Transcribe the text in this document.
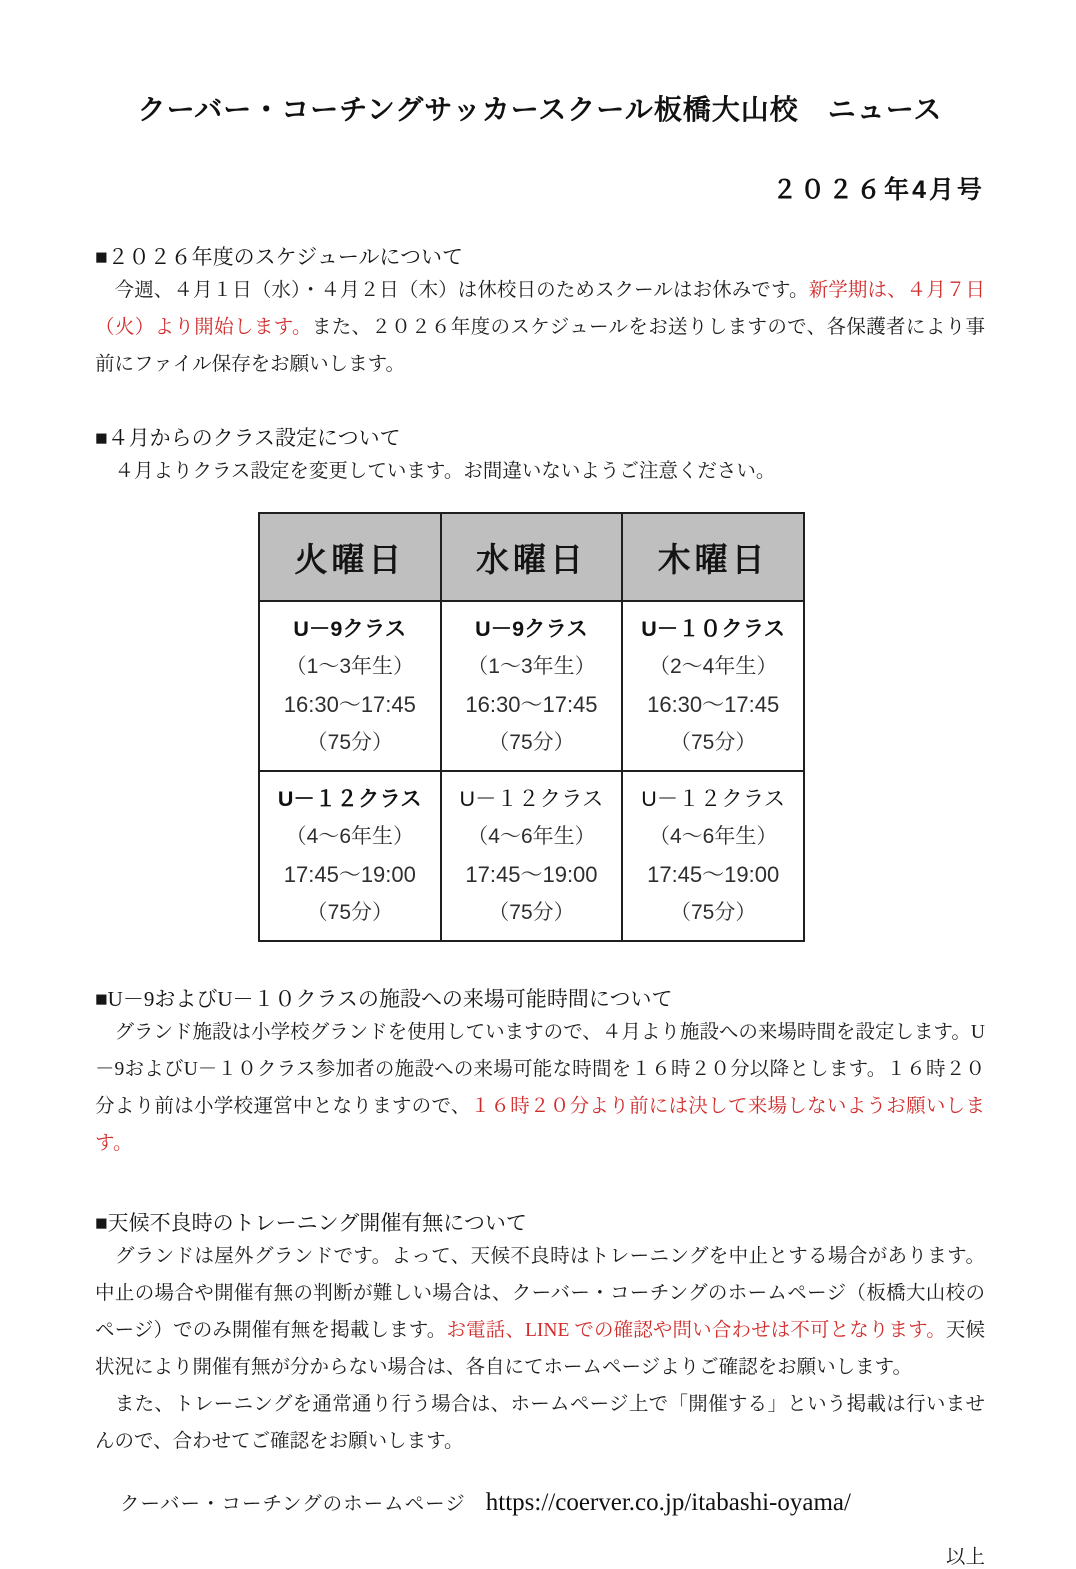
クーバー・コーチングサッカースクール板橋大山校　ニュース
２０２６年4月号
■２０２６年度のスケジュールについて
　今週、４月１日（水）・４月２日（木）は休校日のためスクールはお休みです。新学期は、４月７日（火）より開始します。また、２０２６年度のスケジュールをお送りしますので、各保護者により事前にファイル保存をお願いします。
■４月からのクラス設定について
　４月よりクラス設定を変更しています。お間違いないようご注意ください。
火曜日	水曜日	木曜日

U－9クラス
（1～3年生）
16:30～17:45
（75分）	U－9クラス
（1～3年生）
16:30～17:45
（75分）	U－１０クラス
（2～4年生）
16:30～17:45
（75分）

U－１２クラス
（4～6年生）
17:45～19:00
（75分）	U－１２クラス
（4～6年生）
17:45～19:00
（75分）	U－１２クラス
（4～6年生）
17:45～19:00
（75分）
■U－9およびU－１０クラスの施設への来場可能時間について
　グランド施設は小学校グランドを使用していますので、４月より施設への来場時間を設定します。U－9およびU－１０クラス参加者の施設への来場可能な時間を１６時２０分以降とします。１６時２０分より前は小学校運営中となりますので、１６時２０分より前には決して来場しないようお願いします。
■天候不良時のトレーニング開催有無について
　グランドは屋外グランドです。よって、天候不良時はトレーニングを中止とする場合があります。中止の場合や開催有無の判断が難しい場合は、クーバー・コーチングのホームページ（板橋大山校のページ）でのみ開催有無を掲載します。お電話、LINE での確認や問い合わせは不可となります。天候状況により開催有無が分からない場合は、各自にてホームページよりご確認をお願いします。
　また、トレーニングを通常通り行う場合は、ホームページ上で「開催する」という掲載は行いませんので、合わせてご確認をお願いします。
クーバー・コーチングのホームページ https://coerver.co.jp/itabashi-oyama/
以上
